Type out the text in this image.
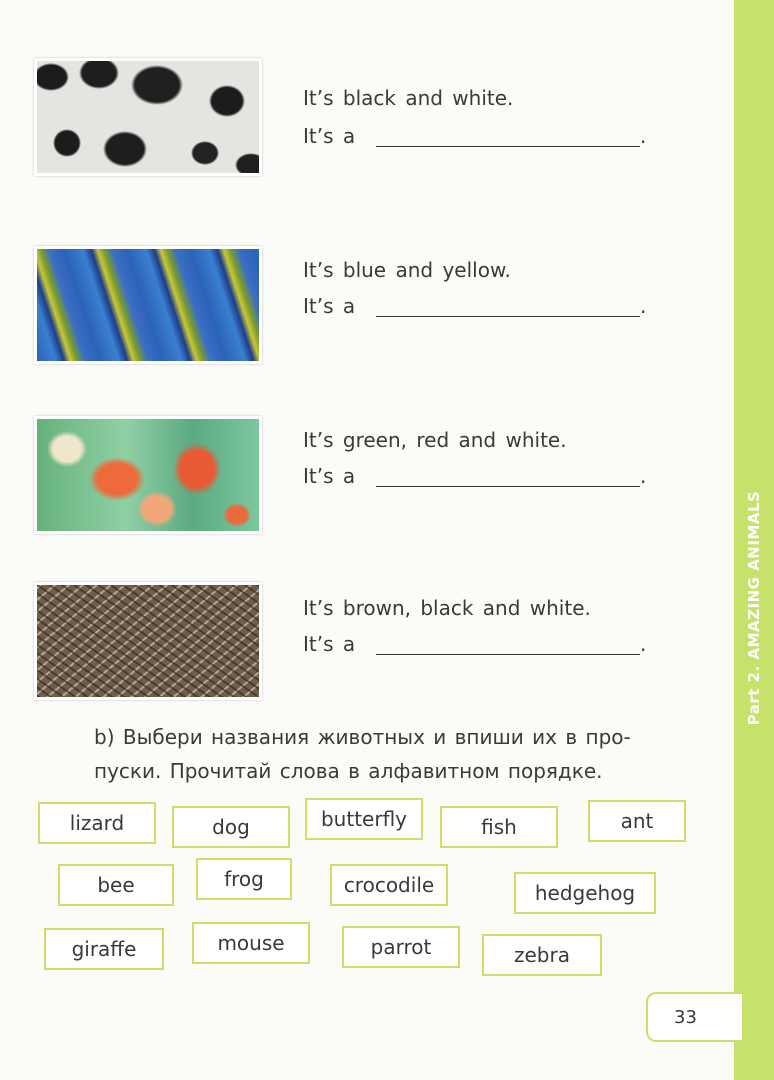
Part 2. AMAZING ANIMALS
It’s black and white.
It’s a	.
It’s blue and yellow.
It’s a	.
It’s green, red and white.
It’s a	.
It’s brown, black and white.
It’s a	.
b) Выбери названия животных и впиши их в про-
пуски. Прочитай слова в алфавитном порядке.
lizard	dog	butterfly	fish	ant
bee	frog	crocodile	hedgehog
giraffe	mouse	parrot	zebra
33
